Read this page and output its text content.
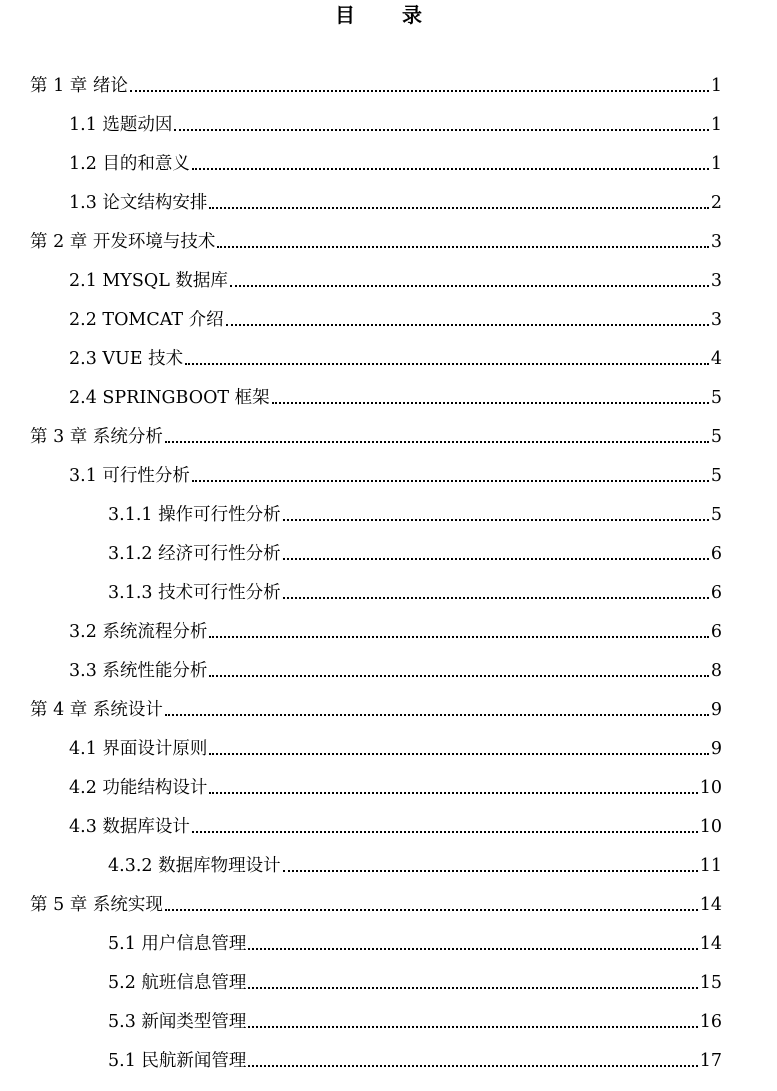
目 录
第 1 章 绪论	1
1.1 选题动因	1
1.2 目的和意义	1
1.3 论文结构安排	2
第 2 章 开发环境与技术	3
2.1 MYSQL 数据库	3
2.2 TOMCAT 介绍	3
2.3 VUE 技术	4
2.4 SPRINGBOOT 框架	5
第 3 章 系统分析	5
3.1 可行性分析	5
3.1.1 操作可行性分析	5
3.1.2 经济可行性分析	6
3.1.3 技术可行性分析	6
3.2 系统流程分析	6
3.3 系统性能分析	8
第 4 章 系统设计	9
4.1 界面设计原则	9
4.2 功能结构设计	10
4.3 数据库设计	10
4.3.2 数据库物理设计	11
第 5 章 系统实现	14
5.1 用户信息管理	14
5.2 航班信息管理	15
5.3 新闻类型管理	16
5.1 民航新闻管理	17
